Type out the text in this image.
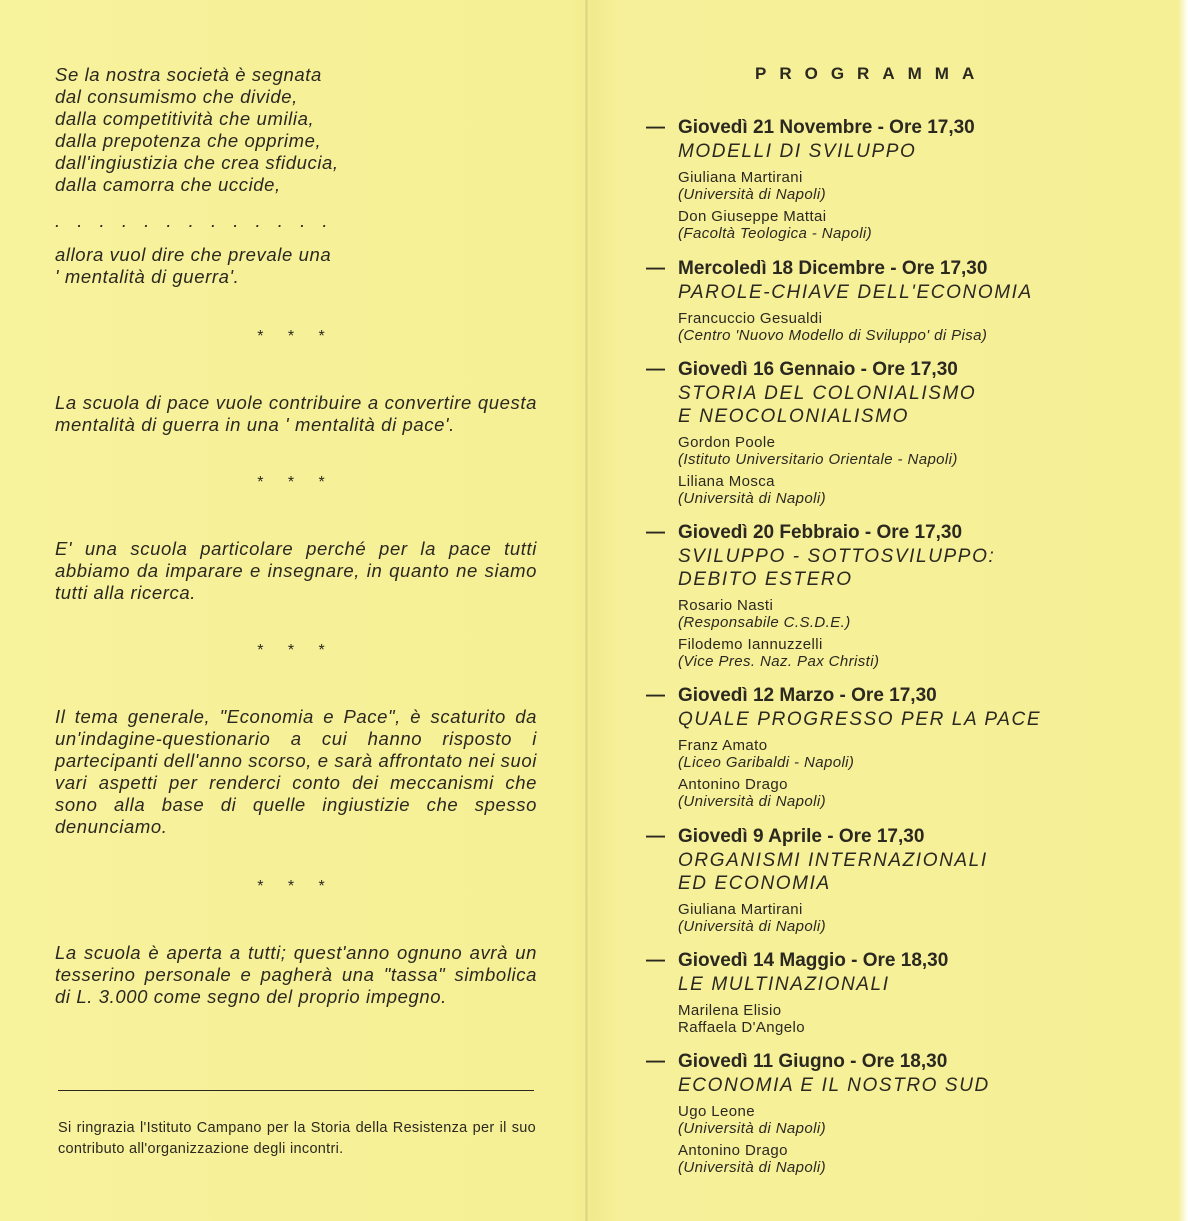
Se la nostra società è segnata

dal consumismo che divide,

dalla competitività che umilia,

dalla prepotenza che opprime,

dall'ingiustizia che crea sfiducia,

dalla camorra che uccide,

. . . . . . . . . . . . .

allora vuol dire che prevale una

' mentalità di guerra'.

* * *

La scuola di pace vuole contribuire a convertire questa mentalità di guerra in una ' mentalità di pace'.

* * *

E' una scuola particolare perché per la pace tutti abbiamo da imparare e insegnare, in quanto ne siamo tutti alla ricerca.

* * *

Il tema generale, "Economia e Pace", è scaturito da un'indagine-questionario a cui hanno risposto i partecipanti dell'anno scorso, e sarà affrontato nei suoi vari aspetti per renderci conto dei meccanismi che sono alla base di quelle ingiustizie che spesso denunciamo.

* * *

La scuola è aperta a tutti; quest'anno ognuno avrà un tesserino personale e pagherà una "tassa" simbolica di L. 3.000 come segno del proprio impegno.

Si ringrazia l'Istituto Campano per la Storia della Resistenza per il suo contributo all'organizzazione degli incontri.
PROGRAMMA
— Giovedì 21 Novembre - Ore 17,30
MODELLI DI SVILUPPO
Giuliana Martirani
(Università di Napoli)
Don Giuseppe Mattai
(Facoltà Teologica - Napoli)
— Mercoledì 18 Dicembre - Ore 17,30
PAROLE-CHIAVE DELL'ECONOMIA
Francuccio Gesualdi
(Centro 'Nuovo Modello di Sviluppo' di Pisa)
— Giovedì 16 Gennaio - Ore 17,30
STORIA DEL COLONIALISMO
E NEOCOLONIALISMO
Gordon Poole
(Istituto Universitario Orientale - Napoli)
Liliana Mosca
(Università di Napoli)
— Giovedì 20 Febbraio - Ore 17,30
SVILUPPO - SOTTOSVILUPPO:
DEBITO ESTERO
Rosario Nasti
(Responsabile C.S.D.E.)
Filodemo Iannuzzelli
(Vice Pres. Naz. Pax Christi)
— Giovedì 12 Marzo - Ore 17,30
QUALE PROGRESSO PER LA PACE
Franz Amato
(Liceo Garibaldi - Napoli)
Antonino Drago
(Università di Napoli)
— Giovedì 9 Aprile - Ore 17,30
ORGANISMI INTERNAZIONALI
ED ECONOMIA
Giuliana Martirani
(Università di Napoli)
— Giovedì 14 Maggio - Ore 18,30
LE MULTINAZIONALI
Marilena Elisio
Raffaela D'Angelo
— Giovedì 11 Giugno - Ore 18,30
ECONOMIA E IL NOSTRO SUD
Ugo Leone
(Università di Napoli)
Antonino Drago
(Università di Napoli)
